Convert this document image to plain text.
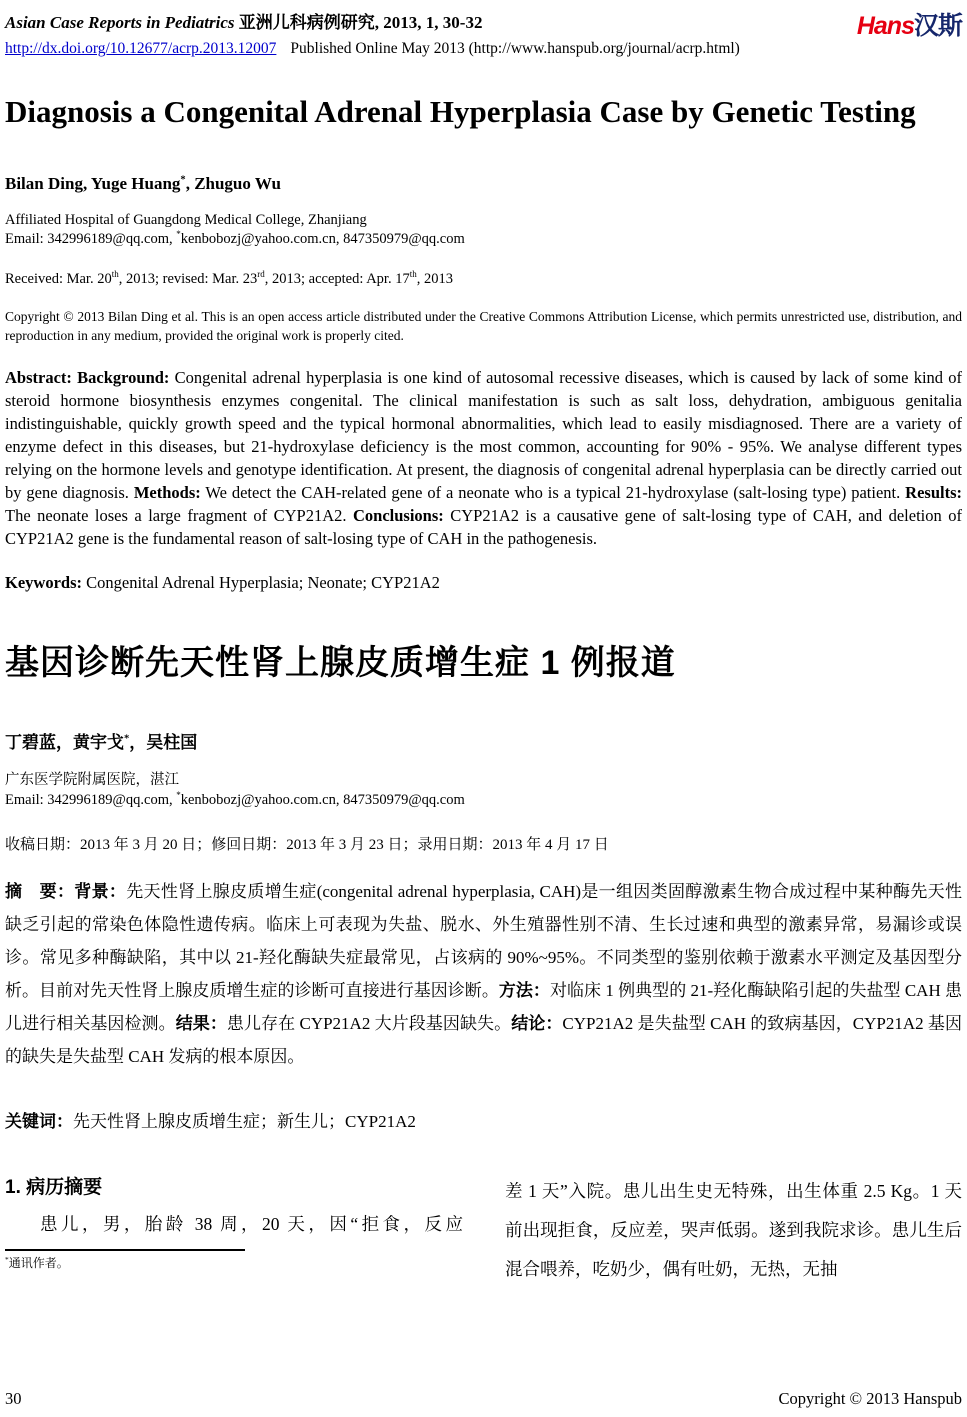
Asian Case Reports in Pediatrics 亚洲儿科病例研究, 2013, 1, 30-32
http://dx.doi.org/10.12677/acrp.2013.12007 Published Online May 2013 (http://www.hanspub.org/journal/acrp.html)
Hans汉斯
Diagnosis a Congenital Adrenal Hyperplasia Case by Genetic Testing
Bilan Ding, Yuge Huang*, Zhuguo Wu
Affiliated Hospital of Guangdong Medical College, Zhanjiang
Email: 342996189@qq.com, *kenbobozj@yahoo.com.cn, 847350979@qq.com
Received: Mar. 20th, 2013; revised: Mar. 23rd, 2013; accepted: Apr. 17th, 2013
Copyright © 2013 Bilan Ding et al. This is an open access article distributed under the Creative Commons Attribution License, which permits unrestricted use, distribution, and reproduction in any medium, provided the original work is properly cited.
Abstract: Background: Congenital adrenal hyperplasia is one kind of autosomal recessive diseases, which is caused by lack of some kind of steroid hormone biosynthesis enzymes congenital. The clinical manifestation is such as salt loss, dehydration, ambiguous genitalia indistinguishable, quickly growth speed and the typical hormonal abnormalities, which lead to easily misdiagnosed. There are a variety of enzyme defect in this diseases, but 21-hydroxylase deficiency is the most common, accounting for 90% - 95%. We analyse different types relying on the hormone levels and genotype identification. At present, the diagnosis of congenital adrenal hyperplasia can be directly carried out by gene diagnosis. Methods: We detect the CAH-related gene of a neonate who is a typical 21-hydroxylase (salt-losing type) patient. Results: The neonate loses a large fragment of CYP21A2. Conclusions: CYP21A2 is a causative gene of salt-losing type of CAH, and deletion of CYP21A2 gene is the fundamental reason of salt-losing type of CAH in the pathogenesis.
Keywords: Congenital Adrenal Hyperplasia; Neonate; CYP21A2
基因诊断先天性肾上腺皮质增生症 1 例报道
丁碧蓝，黄宇戈*，吴柱国
广东医学院附属医院，湛江
Email: 342996189@qq.com, *kenbobozj@yahoo.com.cn, 847350979@qq.com
收稿日期：2013 年 3 月 20 日；修回日期：2013 年 3 月 23 日；录用日期：2013 年 4 月 17 日
摘　要：背景：先天性肾上腺皮质增生症(congenital adrenal hyperplasia, CAH)是一组因类固醇激素生物合成过程中某种酶先天性缺乏引起的常染色体隐性遗传病。临床上可表现为失盐、脱水、外生殖器性别不清、生长过速和典型的激素异常，易漏诊或误诊。常见多种酶缺陷，其中以 21-羟化酶缺失症最常见，占该病的 90%~95%。不同类型的鉴别依赖于激素水平测定及基因型分析。目前对先天性肾上腺皮质增生症的诊断可直接进行基因诊断。方法：对临床 1 例典型的 21-羟化酶缺陷引起的失盐型 CAH 患儿进行相关基因检测。结果：患儿存在 CYP21A2 大片段基因缺失。结论：CYP21A2 是失盐型 CAH 的致病基因，CYP21A2 基因的缺失是失盐型 CAH 发病的根本原因。
关键词：先天性肾上腺皮质增生症；新生儿；CYP21A2
1. 病历摘要

患儿，男，胎龄 38 周，20 天，因“拒食，反应

*通讯作者。

差 1 天”入院。患儿出生史无特殊，出生体重 2.5 Kg。1 天前出现拒食，反应差，哭声低弱。遂到我院求诊。患儿生后混合喂养，吃奶少，偶有吐奶，无热，无抽

30	Copyright © 2013 Hanspub
